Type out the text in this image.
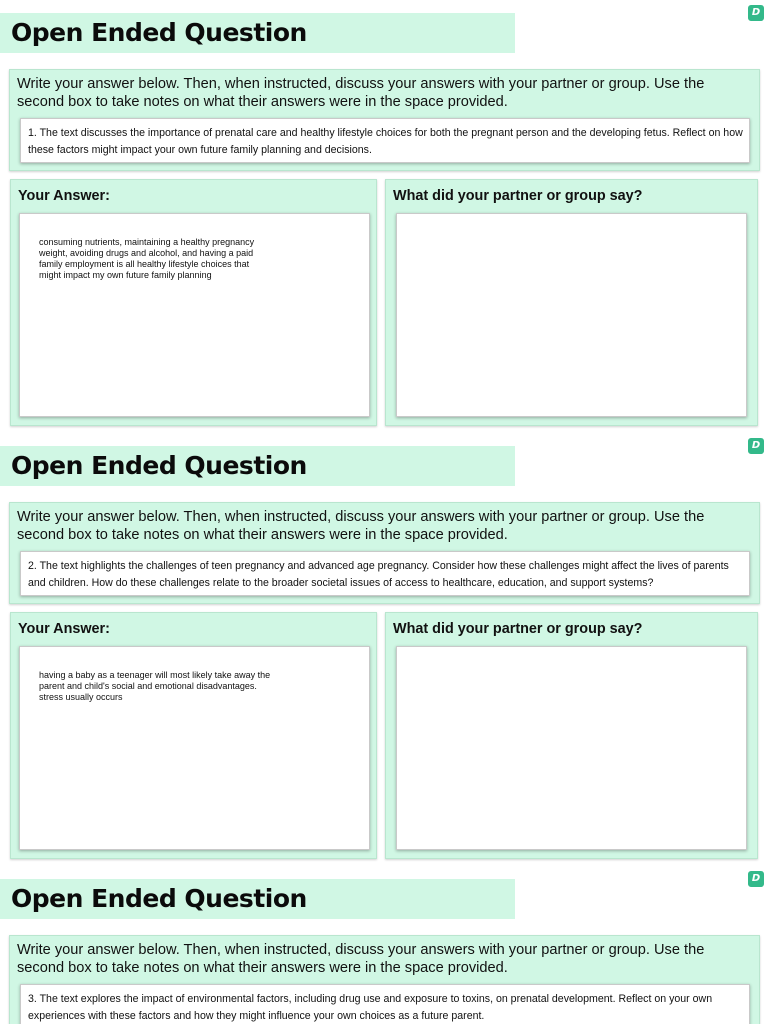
Open Ended Question
D
Write your answer below. Then, when instructed, discuss your answers with your partner or group. Use the second box to take notes on what their answers were in the space provided.
1. The text discusses the importance of prenatal care and healthy lifestyle choices for both the pregnant person and the developing fetus. Reflect on how these factors might impact your own future family planning and decisions.
Your Answer:
consuming nutrients, maintaining a healthy pregnancy weight, avoiding drugs and alcohol, and having a paid family employment is all healthy lifestyle choices that might impact my own future family planning
What did your partner or group say?
Open Ended Question
D
Write your answer below. Then, when instructed, discuss your answers with your partner or group. Use the second box to take notes on what their answers were in the space provided.
2. The text highlights the challenges of teen pregnancy and advanced age pregnancy. Consider how these challenges might affect the lives of parents and children. How do these challenges relate to the broader societal issues of access to healthcare, education, and support systems?
Your Answer:
having a baby as a teenager will most likely take away the parent and child's social and emotional disadvantages. stress usually occurs
What did your partner or group say?
Open Ended Question
D
Write your answer below. Then, when instructed, discuss your answers with your partner or group. Use the second box to take notes on what their answers were in the space provided.
3. The text explores the impact of environmental factors, including drug use and exposure to toxins, on prenatal development. Reflect on your own experiences with these factors and how they might influence your own choices as a future parent.
